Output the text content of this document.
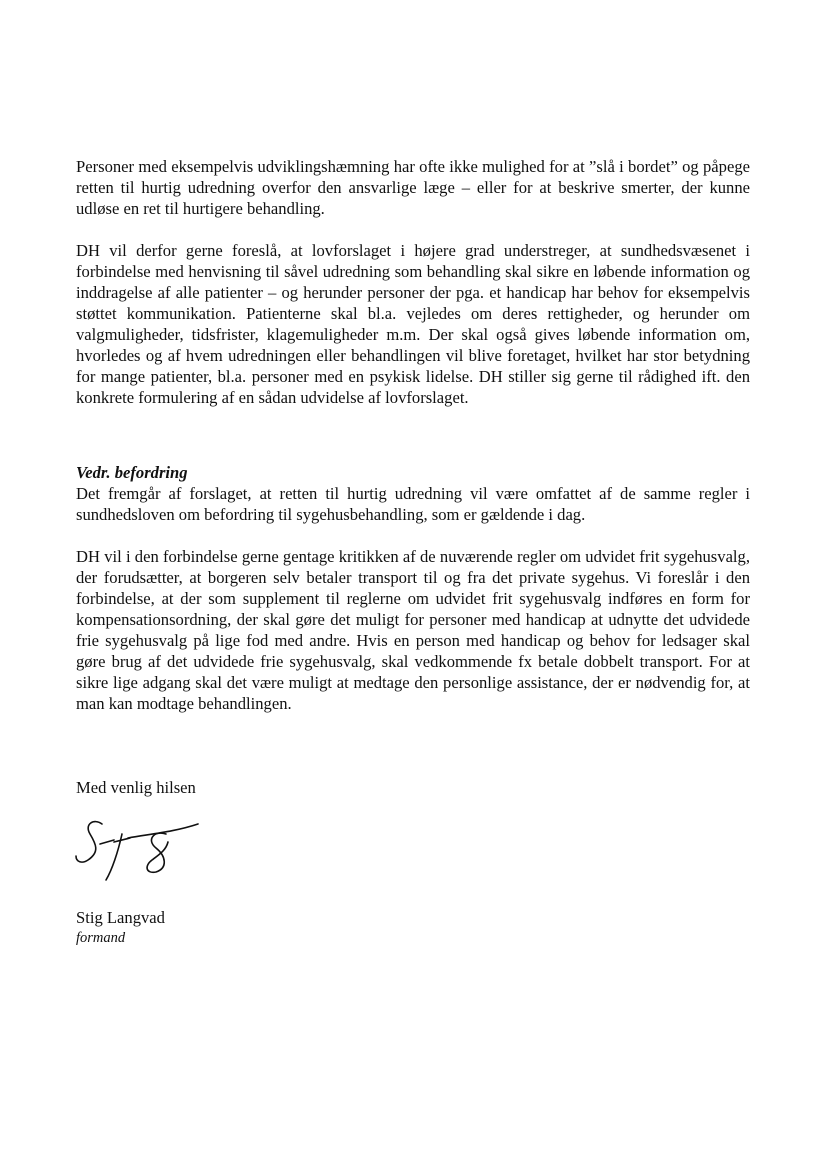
Personer med eksempelvis udviklingshæmning har ofte ikke mulighed for at ”slå i bordet” og påpege retten til hurtig udredning overfor den ansvarlige læge – eller for at beskrive smerter, der kunne udløse en ret til hurtigere behandling.

DH vil derfor gerne foreslå, at lovforslaget i højere grad understreger, at sundhedsvæsenet i forbindelse med henvisning til såvel udredning som behandling skal sikre en løbende information og inddragelse af alle patienter – og herunder personer der pga. et handicap har behov for eksempelvis støttet kommunikation. Patienterne skal bl.a. vejledes om deres rettigheder, og herunder om valgmuligheder, tidsfrister, klagemuligheder m.m. Der skal også gives løbende information om, hvorledes og af hvem udredningen eller behandlingen vil blive foretaget, hvilket har stor betydning for mange patienter, bl.a. personer med en psykisk lidelse. DH stiller sig gerne til rådighed ift. den konkrete formulering af en sådan udvidelse af lovforslaget.

Vedr. befordring

Det fremgår af forslaget, at retten til hurtig udredning vil være omfattet af de samme regler i sundhedsloven om befordring til sygehusbehandling, som er gældende i dag.

DH vil i den forbindelse gerne gentage kritikken af de nuværende regler om udvidet frit sygehusvalg, der forudsætter, at borgeren selv betaler transport til og fra det private sygehus. Vi foreslår i den forbindelse, at der som supplement til reglerne om udvidet frit sygehusvalg indføres en form for kompensationsordning, der skal gøre det muligt for personer med handicap at udnytte det udvidede frie sygehusvalg på lige fod med andre. Hvis en person med handicap og behov for ledsager skal gøre brug af det udvidede frie sygehusvalg, skal vedkommende fx betale dobbelt transport. For at sikre lige adgang skal det være muligt at medtage den personlige assistance, der er nødvendig for, at man kan modtage behandlingen.

Med venlig hilsen

Stig Langvad

formand
